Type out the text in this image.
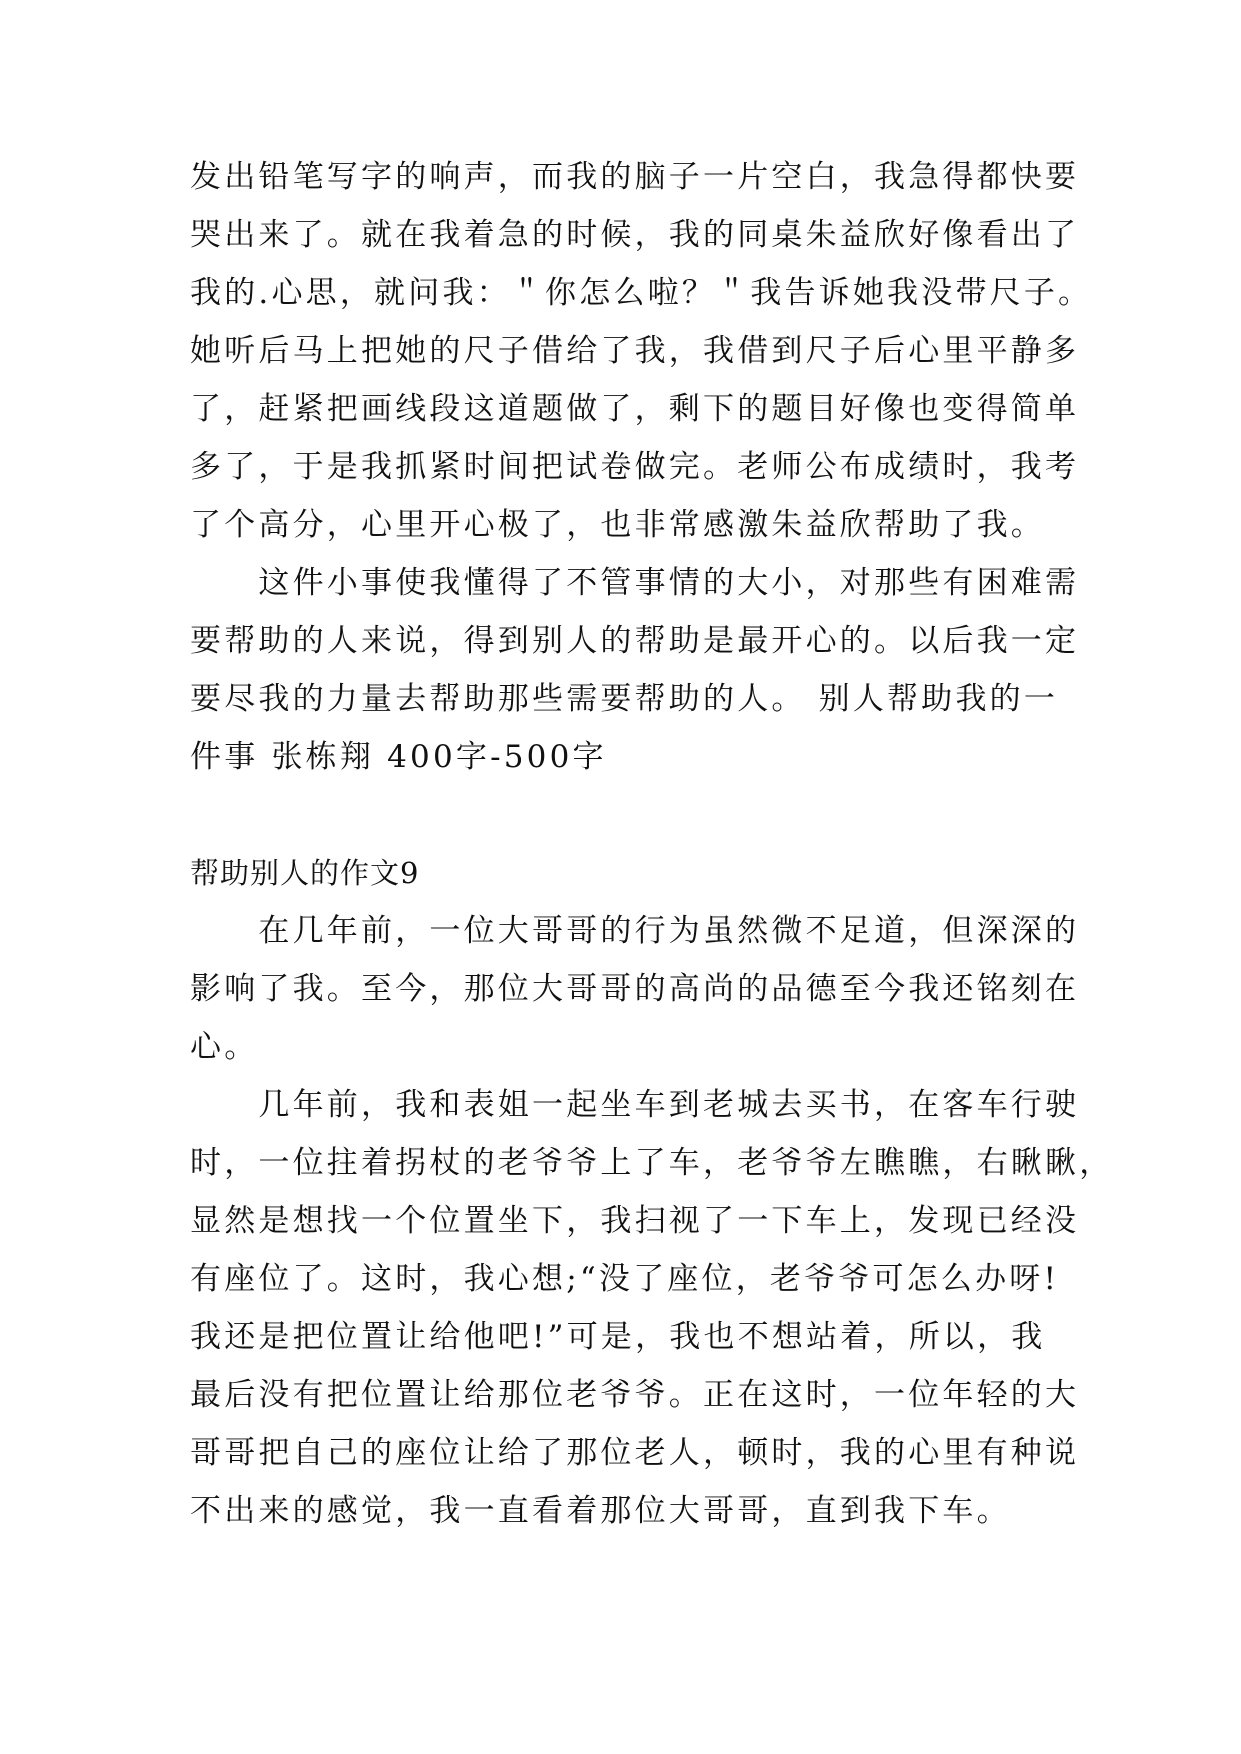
发出铅笔写字的响声，而我的脑子一片空白，我急得都快要
哭出来了。就在我着急的时候，我的同桌朱益欣好像看出了
我的.心思，就问我：＂你怎么啦？＂我告诉她我没带尺子。
她听后马上把她的尺子借给了我，我借到尺子后心里平静多
了，赶紧把画线段这道题做了，剩下的题目好像也变得简单
多了，于是我抓紧时间把试卷做完。老师公布成绩时，我考
了个高分，心里开心极了，也非常感激朱益欣帮助了我。
　　这件小事使我懂得了不管事情的大小，对那些有困难需
要帮助的人来说，得到别人的帮助是最开心的。以后我一定
要尽我的力量去帮助那些需要帮助的人。 别人帮助我的一
件事 张栋翔 400字-500字
帮助别人的作文9
　　在几年前，一位大哥哥的行为虽然微不足道，但深深的
影响了我。至今，那位大哥哥的高尚的品德至今我还铭刻在
心。
　　几年前，我和表姐一起坐车到老城去买书，在客车行驶
时，一位拄着拐杖的老爷爷上了车，老爷爷左瞧瞧，右瞅瞅，
显然是想找一个位置坐下，我扫视了一下车上，发现已经没
有座位了。这时，我心想;“没了座位，老爷爷可怎么办呀!
我还是把位置让给他吧!”可是，我也不想站着，所以，我
最后没有把位置让给那位老爷爷。正在这时，一位年轻的大
哥哥把自己的座位让给了那位老人，顿时，我的心里有种说
不出来的感觉，我一直看着那位大哥哥，直到我下车。
